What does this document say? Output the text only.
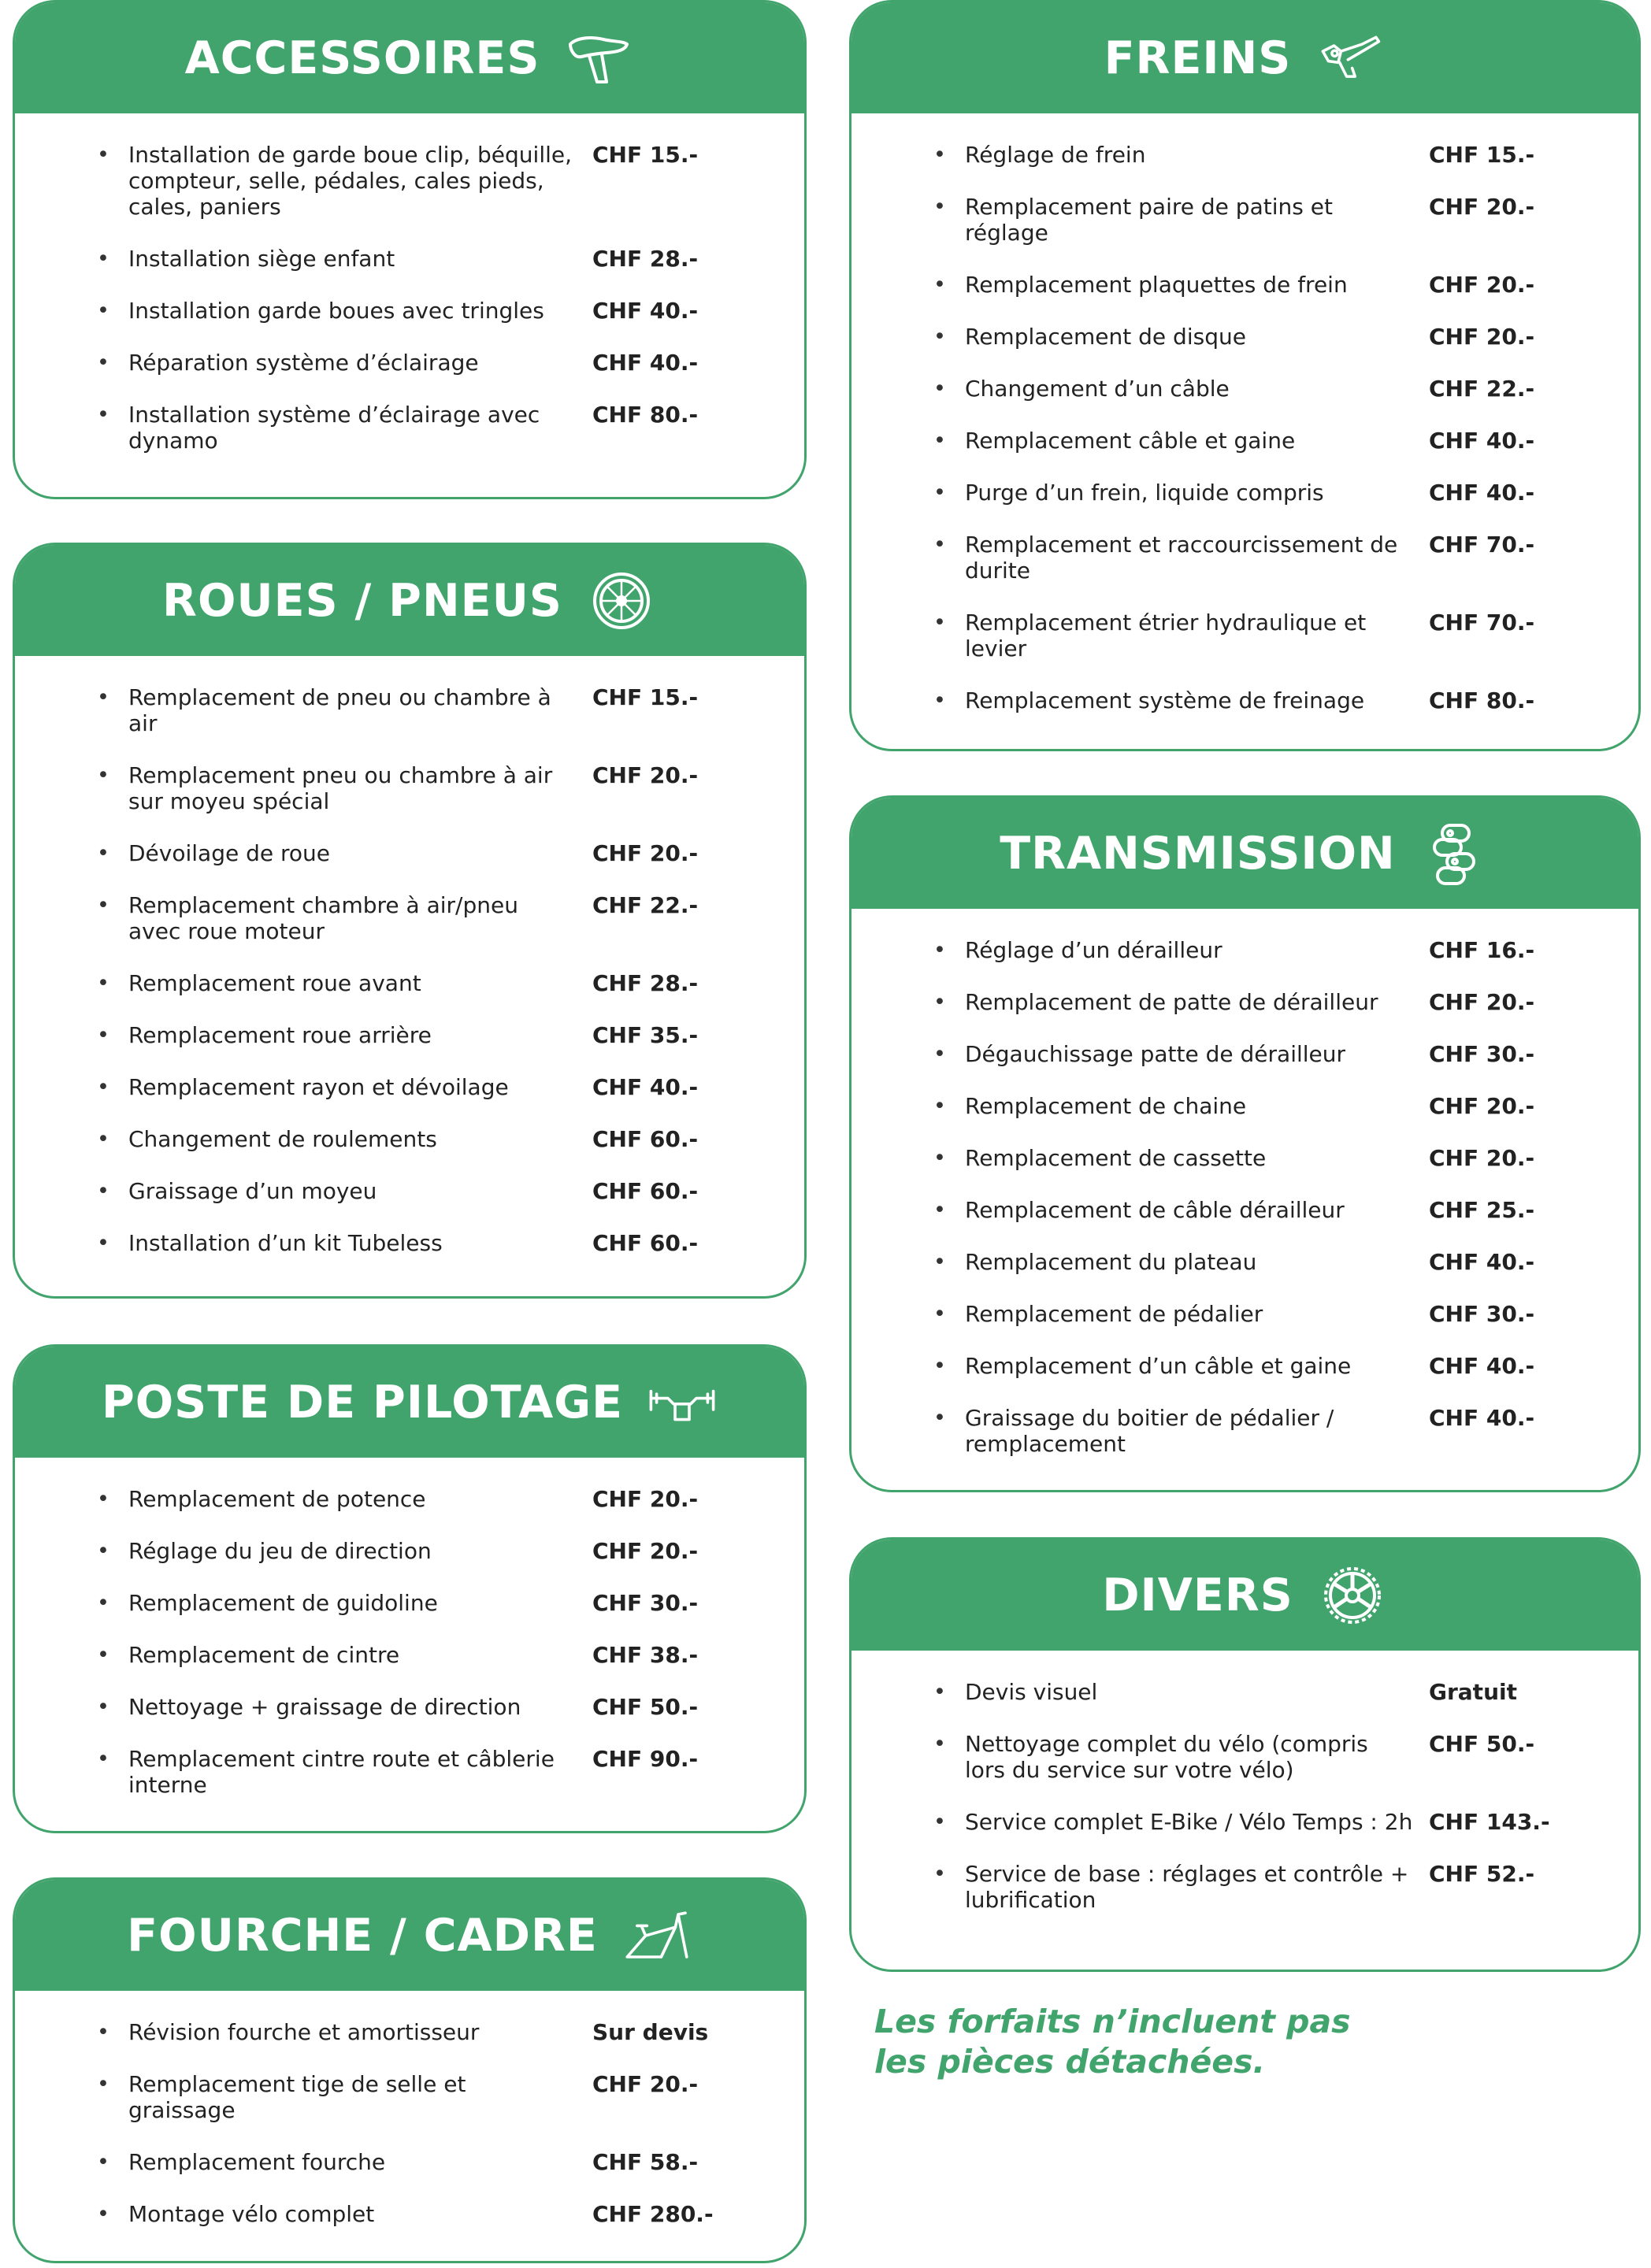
ACCESSOIRES
• Installation de garde boue clip, béquille, compteur, selle, pédales, cales pieds, cales, paniers
CHF 15.-
• Installation siège enfant	CHF 28.-
• Installation garde boues avec tringles	CHF 40.-
• Réparation système d’éclairage	CHF 40.-
• Installation système d’éclairage avec dynamo
CHF 80.-
ROUES / PNEUS
• Remplacement de pneu ou chambre à air
CHF 15.-
• Remplacement pneu ou chambre à air sur moyeu spécial
CHF 20.-
• Dévoilage de roue	CHF 20.-
• Remplacement chambre à air/pneu avec roue moteur
CHF 22.-
• Remplacement roue avant	CHF 28.-
• Remplacement roue arrière	CHF 35.-
• Remplacement rayon et dévoilage	CHF 40.-
• Changement de roulements	CHF 60.-
• Graissage d’un moyeu	CHF 60.-
• Installation d’un kit Tubeless	CHF 60.-
POSTE DE PILOTAGE
• Remplacement de potence	CHF 20.-
• Réglage du jeu de direction	CHF 20.-
• Remplacement de guidoline	CHF 30.-
• Remplacement de cintre	CHF 38.-
• Nettoyage + graissage de direction	CHF 50.-
• Remplacement cintre route et câblerie interne
CHF 90.-
FOURCHE / CADRE
• Révision fourche et amortisseur	Sur devis
• Remplacement tige de selle et graissage
CHF 20.-
• Remplacement fourche	CHF 58.-
• Montage vélo complet	CHF 280.-
FREINS
• Réglage de frein	CHF 15.-
• Remplacement paire de patins et réglage
CHF 20.-
• Remplacement plaquettes de frein	CHF 20.-
• Remplacement de disque	CHF 20.-
• Changement d’un câble	CHF 22.-
• Remplacement câble et gaine	CHF 40.-
• Purge d’un frein, liquide compris	CHF 40.-
• Remplacement et raccourcissement de durite
CHF 70.-
• Remplacement étrier hydraulique et levier
CHF 70.-
• Remplacement système de freinage	CHF 80.-
TRANSMISSION
• Réglage d’un dérailleur	CHF 16.-
• Remplacement de patte de dérailleur	CHF 20.-
• Dégauchissage patte de dérailleur	CHF 30.-
• Remplacement de chaine	CHF 20.-
• Remplacement de cassette	CHF 20.-
• Remplacement de câble dérailleur	CHF 25.-
• Remplacement du plateau	CHF 40.-
• Remplacement de pédalier	CHF 30.-
• Remplacement d’un câble et gaine	CHF 40.-
• Graissage du boitier de pédalier / remplacement
CHF 40.-
DIVERS
• Devis visuel	Gratuit
• Nettoyage complet du vélo (compris lors du service sur votre vélo)
CHF 50.-
• Service complet E-Bike / Vélo Temps : 2h CHF 143.-
• Service de base : réglages et contrôle + lubrification
CHF 52.-
Les forfaits n’incluent pas
les pièces détachées.
